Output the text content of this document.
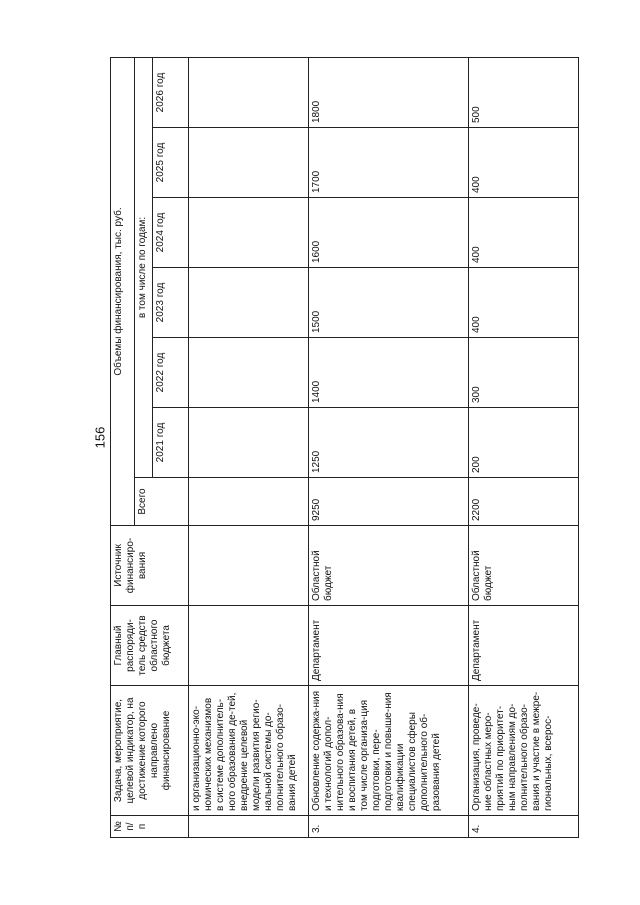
156
№ п/п	Задача, мероприятие, целевой индикатор, на достижение которого направлено финансирование	Главный распоряди-тель средств областного бюджета	Источник финансиро-вания	Объемы финансирования, тыс. руб.						
				Всего	в том числе по годам:					
					2021 год	2022 год	2023 год	2024 год	2025 год	2026 год
	и организационно-эко-номических механизмов в системе дополнитель-ного образования де-тей, внедрение целевой модели развития регио-нальной системы до-полнительного образо-вания детей									
3.	Обновление содержа-ния и технологий допол-нительного образова-ния и воспитания детей, в том числе организа-ция подготовки, пере-подготовки и повыше-ния квалификации специалистов сферы дополнительного об-разования детей	Департамент	Областной бюджет	9250	1250	1400	1500	1600	1700	1800
4.	Организация, проведе-ние областных меро-приятий по приоритет-ным направлениям до-полнительного образо-вания и участие в межре-гиональных, всерос-	Департамент	Областной бюджет	2200	200	300	400	400	400	500
